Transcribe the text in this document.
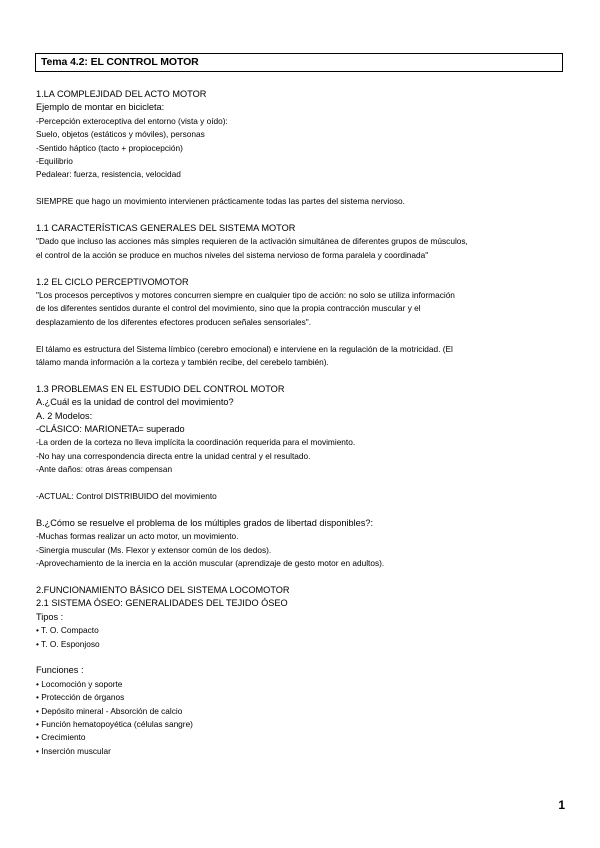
Tema 4.2: EL CONTROL MOTOR
1.LA COMPLEJIDAD DEL ACTO MOTOR
Ejemplo de montar en bicicleta:
-Percepción exteroceptiva del entorno (vista y oído):
Suelo, objetos (estáticos y móviles), personas
-Sentido háptico (tacto + propiocepción)
-Equilibrio
Pedalear: fuerza, resistencia, velocidad
SIEMPRE que hago un movimiento intervienen prácticamente todas las partes del sistema nervioso.
1.1 CARACTERÍSTICAS GENERALES DEL SISTEMA MOTOR
"Dado que incluso las acciones más simples requieren de la activación simultánea de diferentes grupos de músculos,
el control de la acción se produce en muchos niveles del sistema nervioso de forma paralela y coordinada"
1.2 EL CICLO PERCEPTIVOMOTOR
"Los procesos perceptivos y motores concurren siempre en cualquier tipo de acción: no solo se utiliza información
de los diferentes sentidos durante el control del movimiento, sino que la propia contracción muscular y el
desplazamiento de los diferentes efectores producen señales sensoriales".
El tálamo es estructura del Sistema límbico (cerebro emocional) e interviene en la regulación de la motricidad. (El
tálamo manda información a la corteza y también recibe, del cerebelo también).
1.3 PROBLEMAS EN EL ESTUDIO DEL CONTROL MOTOR
A.¿Cuál es la unidad de control del movimiento?
A. 2 Modelos:
-CLÁSICO: MARIONETA= superado
-La orden de la corteza no lleva implícita la coordinación requerida para el movimiento.
-No hay una correspondencia directa entre la unidad central y el resultado.
-Ante daños: otras áreas compensan
-ACTUAL: Control DISTRIBUIDO del movimiento
B.¿Cómo se resuelve el problema de los múltiples grados de libertad disponibles?:
-Muchas formas realizar un acto motor, un movimiento.
-Sinergia muscular (Ms. Flexor y extensor común de los dedos).
-Aprovechamiento de la inercia en la acción muscular (aprendizaje de gesto motor en adultos).
2.FUNCIONAMIENTO BÁSICO DEL SISTEMA LOCOMOTOR
2.1 SISTEMA ÓSEO: GENERALIDADES DEL TEJIDO ÓSEO
Tipos :
• T. O. Compacto
• T. O. Esponjoso
Funciones :
• Locomoción y soporte
• Protección de órganos
• Depósito mineral - Absorción de calcio
• Función hematopoyética (células sangre)
• Crecimiento
• Inserción muscular
1
